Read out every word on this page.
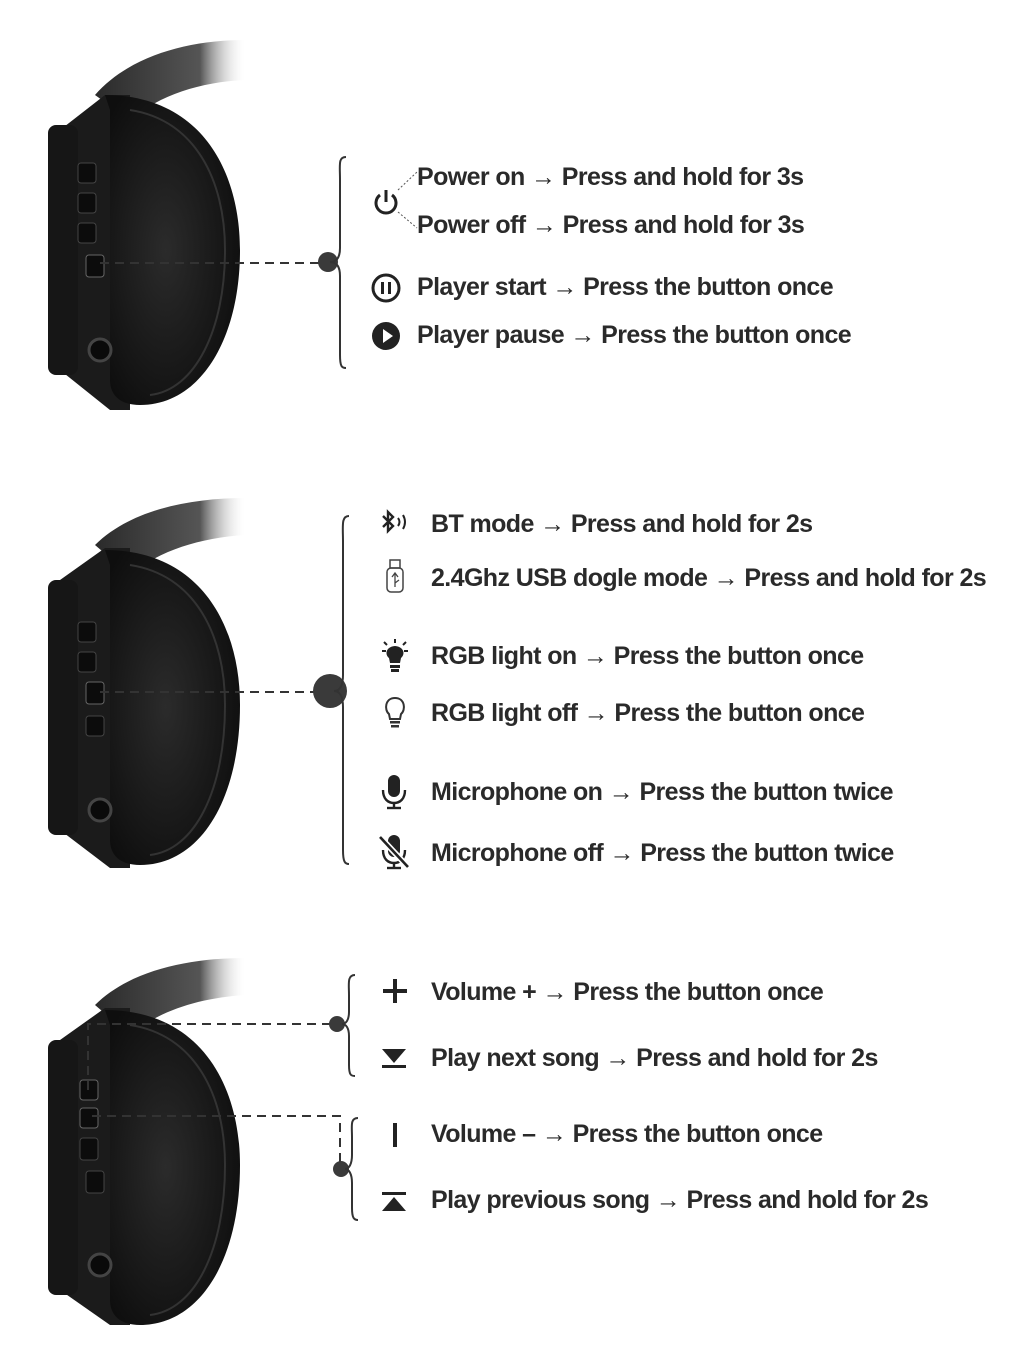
Power on → Press and hold for 3s
Power off → Press and hold for 3s
Player start → Press the button once
Player pause → Press the button once
BT mode → Press and hold for 2s
2.4Ghz USB dogle mode → Press and hold for 2s
RGB light on → Press the button once
RGB light off → Press the button once
Microphone on → Press the button twice
Microphone off → Press the button twice
Volume + → Press the button once
Play next song → Press and hold for 2s
Volume – → Press the button once
Play previous song → Press and hold for 2s
